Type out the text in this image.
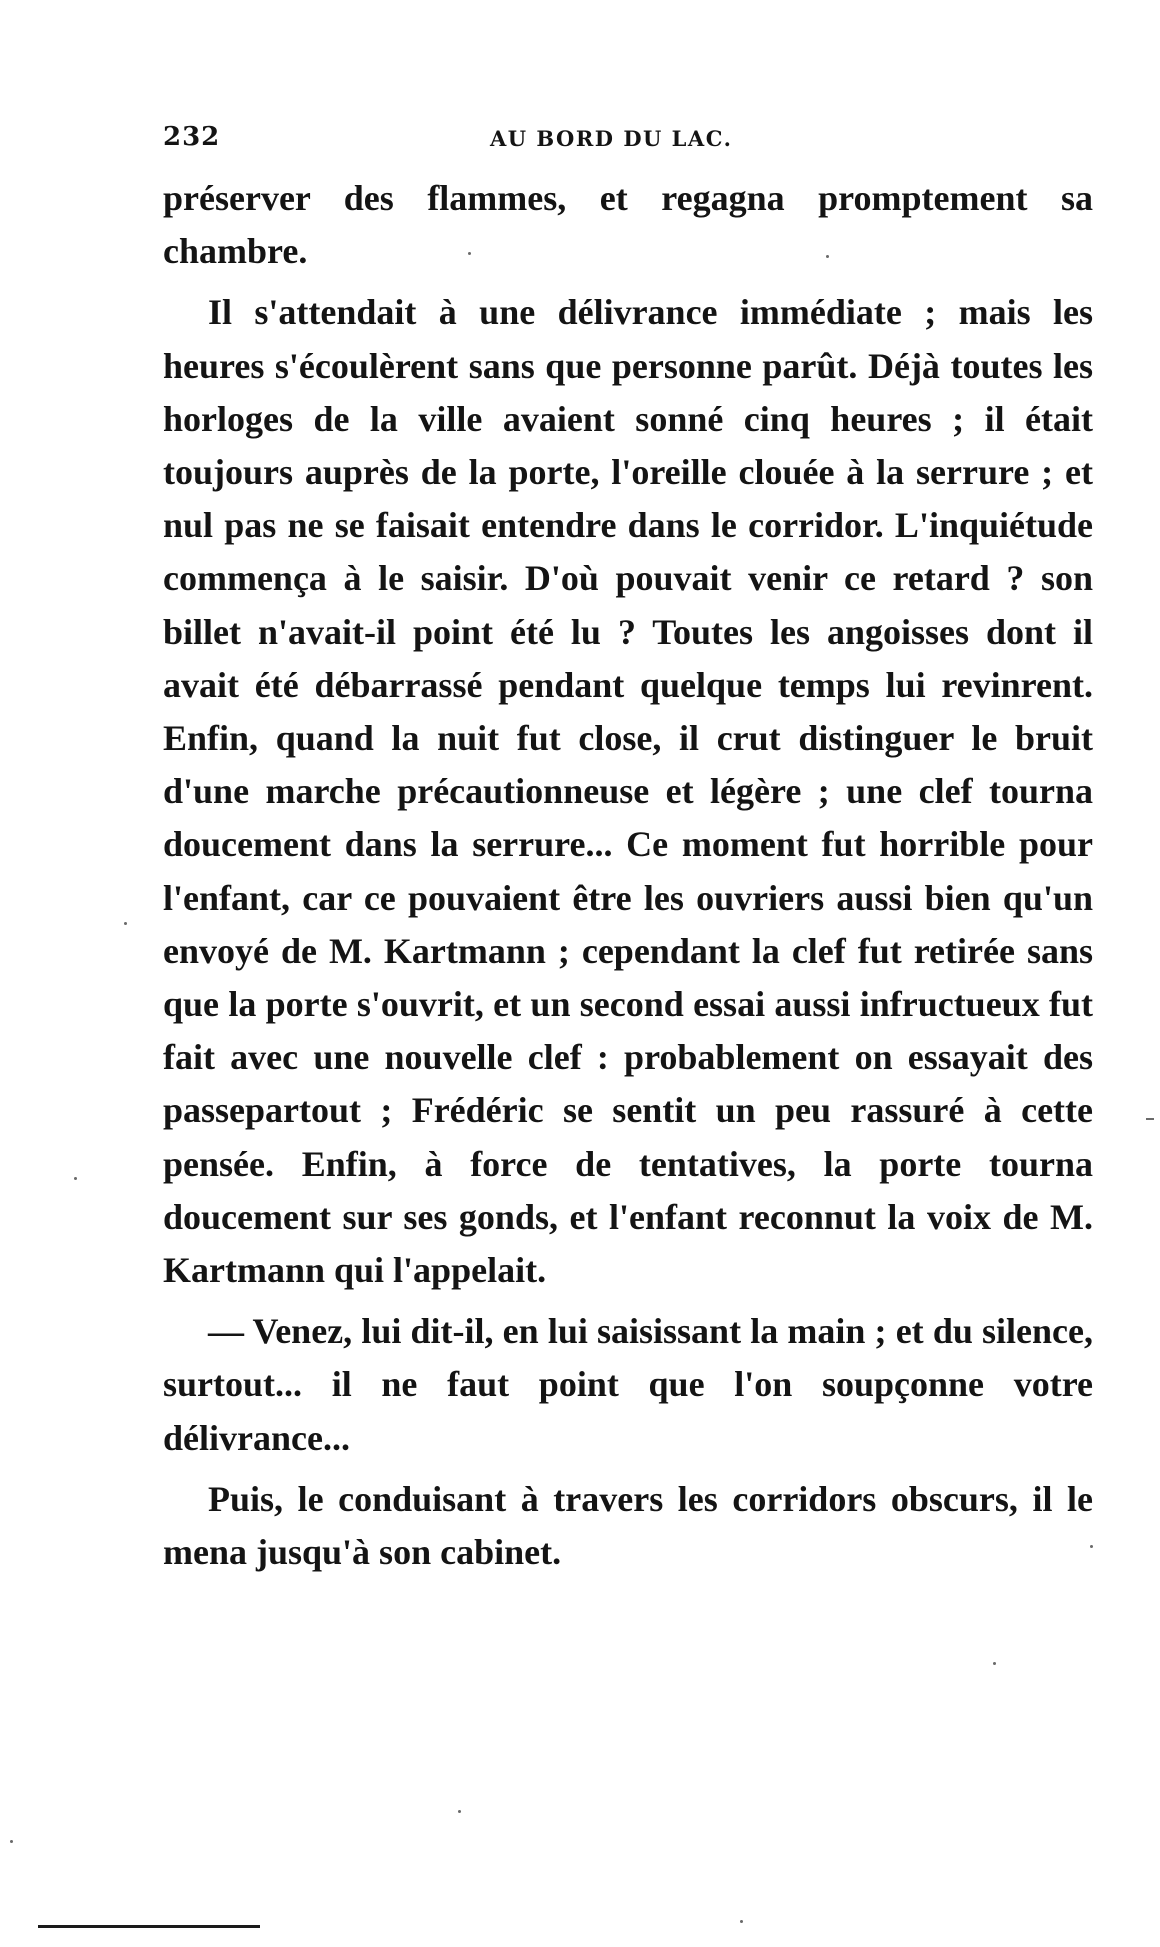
232	AU BORD DU LAC.

préserver des flammes, et regagna promptement sa chambre.

Il s'attendait à une délivrance immédiate ; mais les heures s'écoulèrent sans que personne parût. Déjà toutes les horloges de la ville avaient sonné cinq heures ; il était toujours auprès de la porte, l'oreille clouée à la serrure ; et nul pas ne se faisait entendre dans le corridor. L'inquiétude commença à le saisir. D'où pouvait venir ce retard ? son billet n'avait-il point été lu ? Toutes les angoisses dont il avait été débarrassé pendant quelque temps lui revinrent. Enfin, quand la nuit fut close, il crut distinguer le bruit d'une marche précautionneuse et légère ; une clef tourna doucement dans la serrure... Ce moment fut horrible pour l'enfant, car ce pouvaient être les ouvriers aussi bien qu'un envoyé de M. Kartmann ; cependant la clef fut retirée sans que la porte s'ouvrit, et un second essai aussi infructueux fut fait avec une nouvelle clef : probablement on essayait des passepartout ; Frédéric se sentit un peu rassuré à cette pensée. Enfin, à force de tentatives, la porte tourna doucement sur ses gonds, et l'enfant reconnut la voix de M. Kartmann qui l'appelait.

— Venez, lui dit-il, en lui saisissant la main ; et du silence, surtout... il ne faut point que l'on soupçonne votre délivrance...

Puis, le conduisant à travers les corridors obscurs, il le mena jusqu'à son cabinet.
